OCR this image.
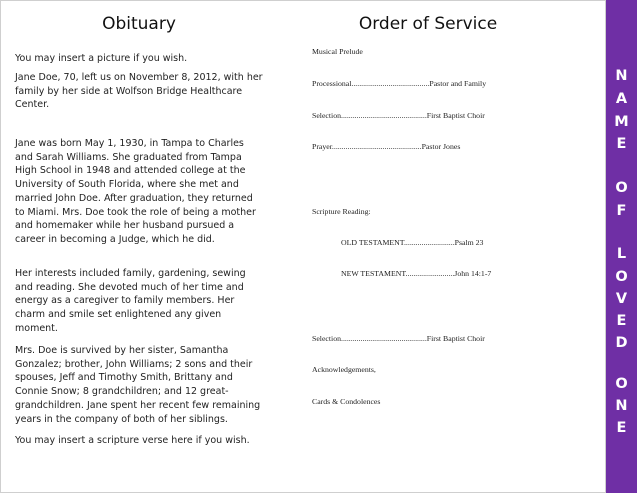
Obituary

You may insert a picture if you wish.

Jane Doe, 70, left us on November 8, 2012, with her family by her side at Wolfson Bridge Healthcare Center.

Jane was born May 1, 1930, in Tampa to Charles and Sarah Williams. She graduated from Tampa High School in 1948 and attended college at the University of South Florida, where she met and married John Doe. After graduation, they returned to Miami. Mrs. Doe took the role of being a mother and homemaker while her husband pursued a career in becoming a Judge, which he did.

Her interests included family, gardening, sewing and reading. She devoted much of her time and energy as a caregiver to family members. Her charm and smile set enlightened any given moment.

Mrs. Doe is survived by her sister, Samantha Gonzalez; brother, John Williams; 2 sons and their spouses, Jeff and Timothy Smith, Brittany and Connie Snow; 8 grandchildren; and 12 great-grandchildren. Jane spent her recent few remaining years in the company of both of her siblings.

You may insert a scripture verse here if you wish.

Order of Service

Musical Prelude

Processional........................................Pastor and Family

Selection............................................First Baptist Choir

Prayer..............................................Pastor Jones

Scripture Reading:

OLD TESTAMENT..........................Psalm 23

NEW TESTAMENT.........................John 14:1-7

Selection............................................First Baptist Choir

Acknowledgements,

Cards & Condolences

N
A
M
E
O
F
L
O
V
E
D
O
N
E
